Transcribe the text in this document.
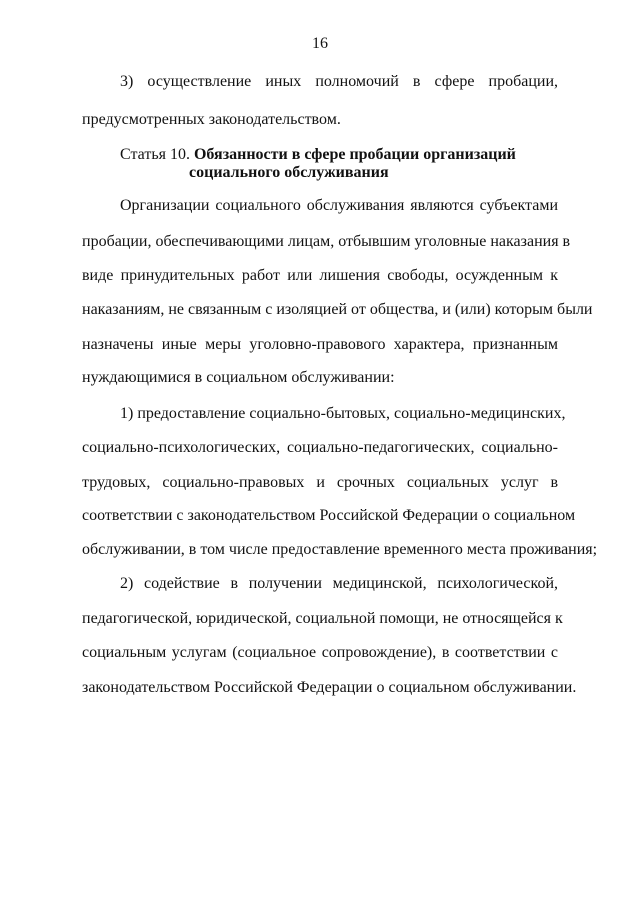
16
3) осуществление иных полномочий в сфере пробации,
предусмотренных законодательством.
Статья 10. Обязанности в сфере пробации организаций
социального обслуживания
Организации социального обслуживания являются субъектами
пробации, обеспечивающими лицам, отбывшим уголовные наказания в
виде принудительных работ или лишения свободы, осужденным к
наказаниям, не связанным с изоляцией от общества, и (или) которым были
назначены иные меры уголовно-правового характера, признанным
нуждающимися в социальном обслуживании:
1) предоставление социально-бытовых, социально-медицинских,
социально-психологических, социально-педагогических, социально-
трудовых, социально-правовых и срочных социальных услуг в
соответствии с законодательством Российской Федерации о социальном
обслуживании, в том числе предоставление временного места проживания;
2) содействие в получении медицинской, психологической,
педагогической, юридической, социальной помощи, не относящейся к
социальным услугам (социальное сопровождение), в соответствии с
законодательством Российской Федерации о социальном обслуживании.
